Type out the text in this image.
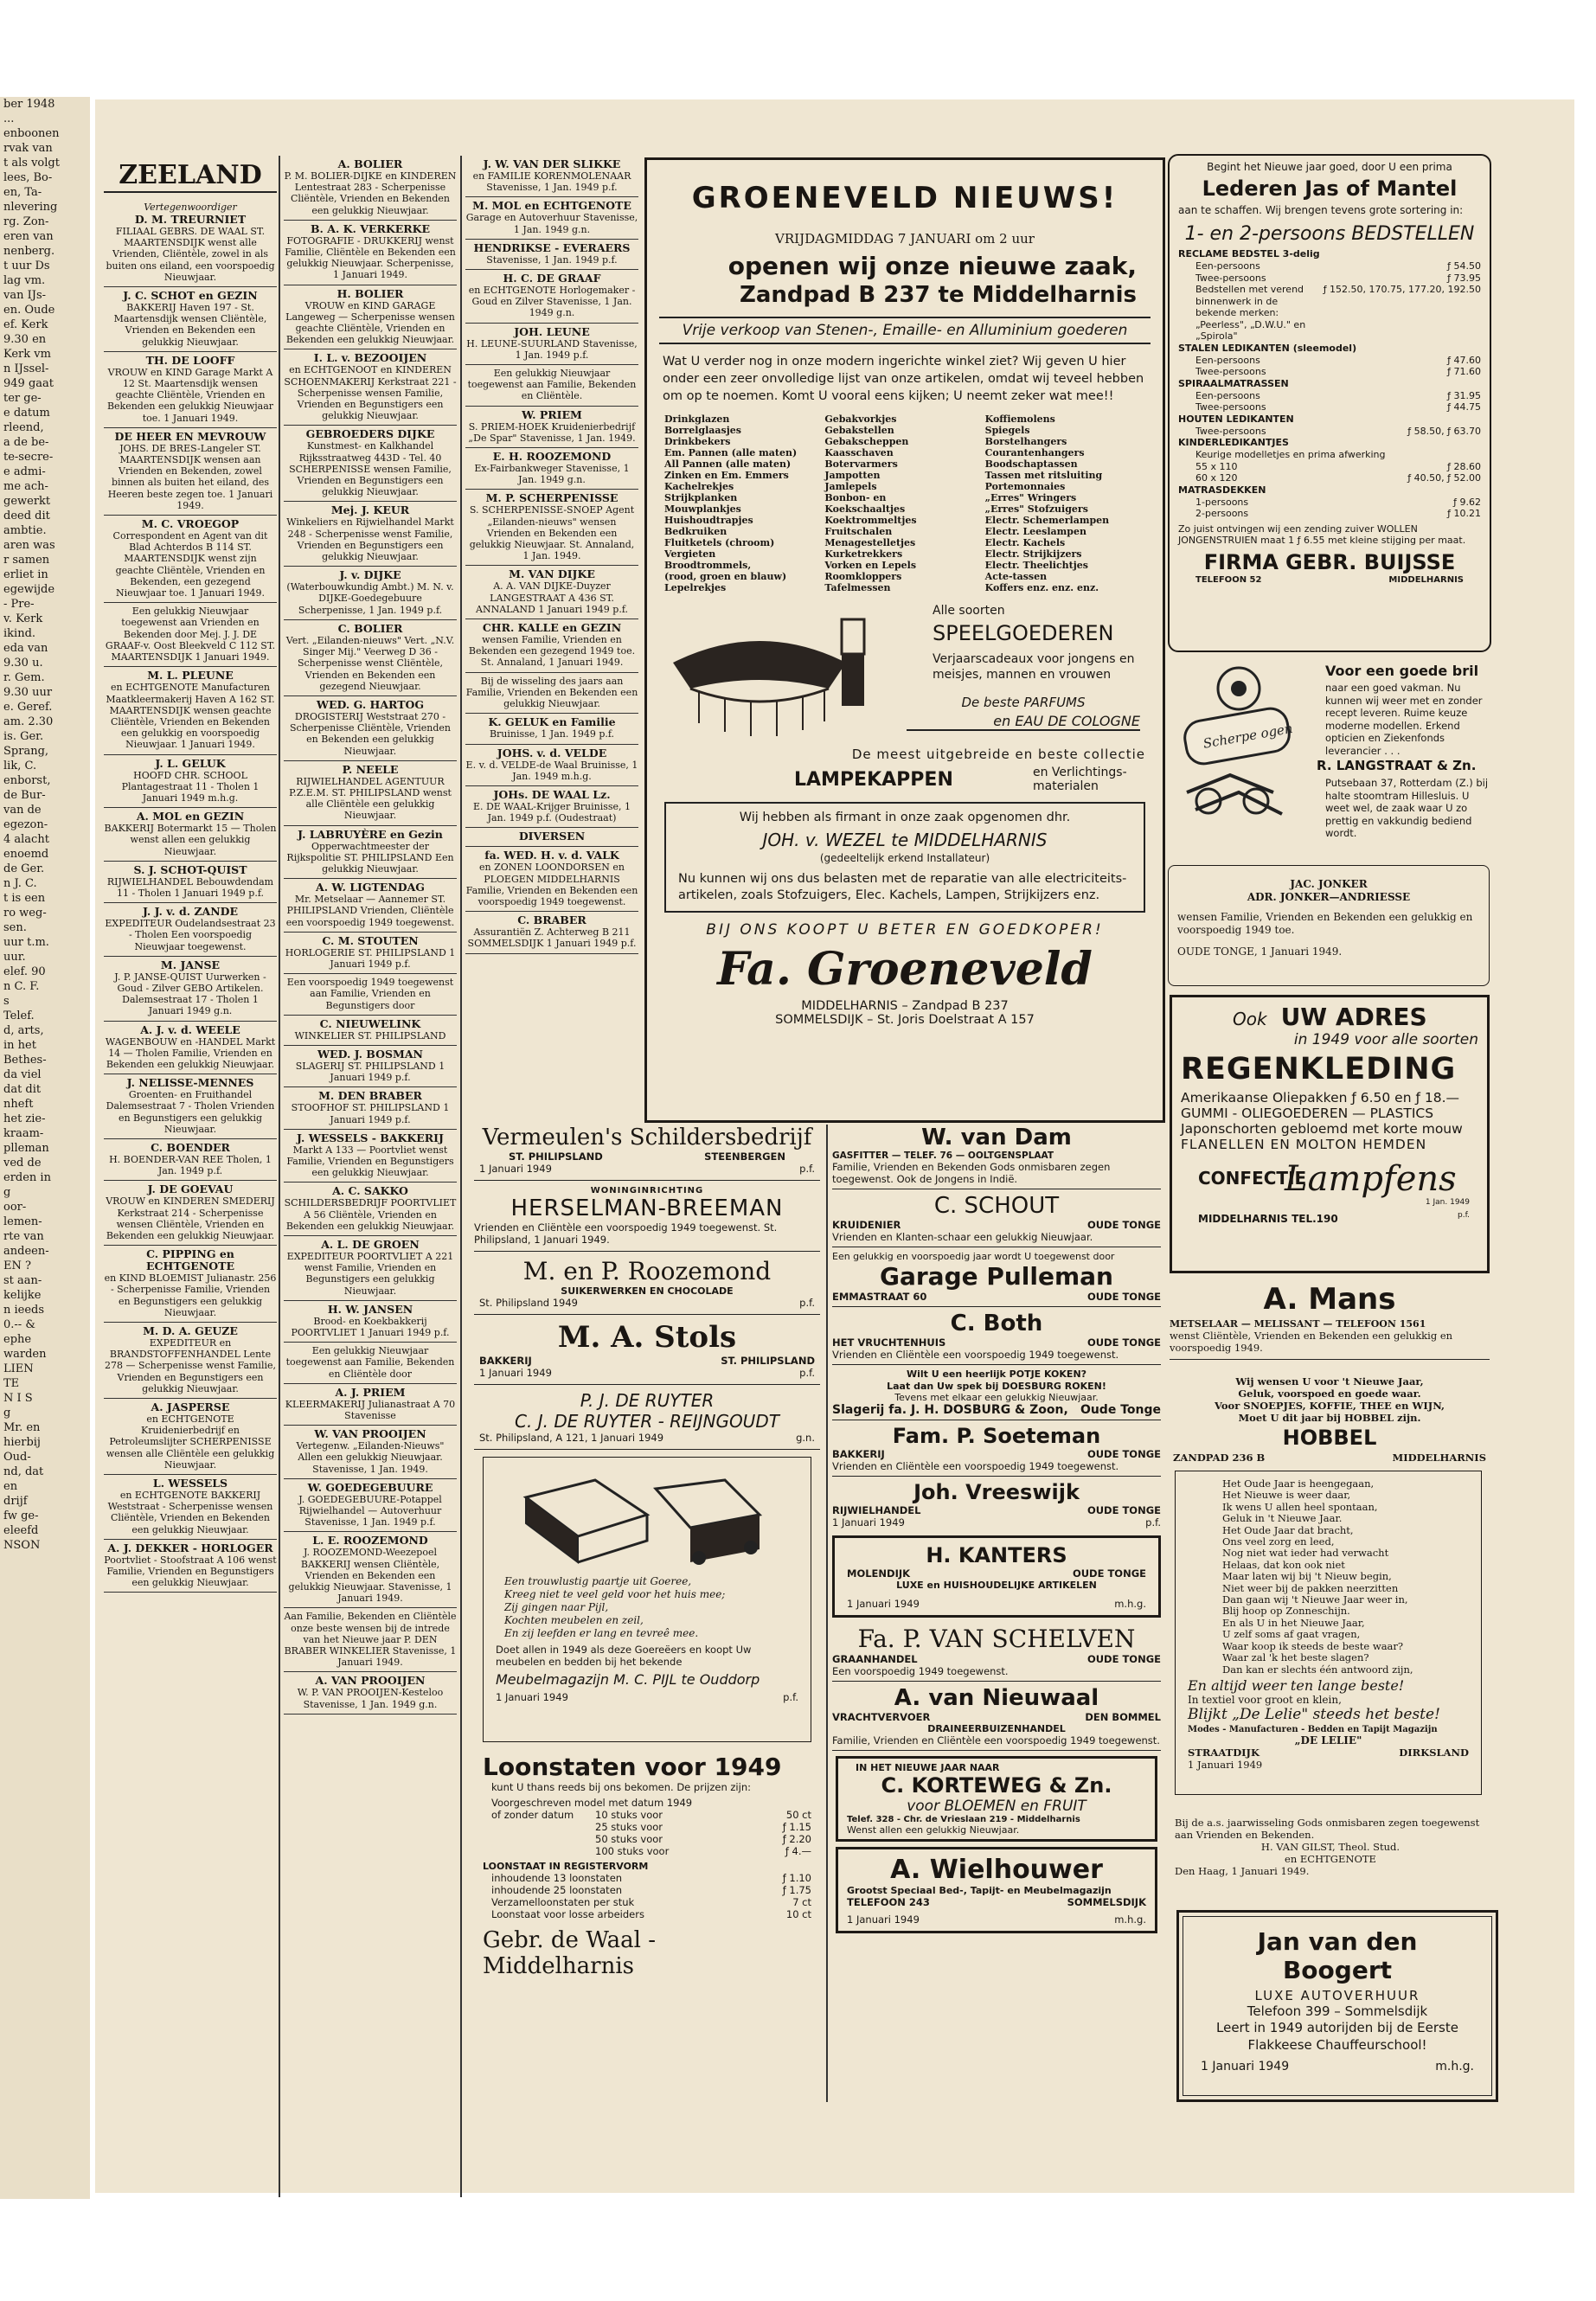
ber 1948
...
enboonen
rvak van
t als volgt
lees, Bo-
en, Ta-
nlevering
rg. Zon-
eren van
nenberg.
t uur Ds
lag vm.
van IJs-
en. Oude
ef. Kerk
9.30 en
Kerk vm
n IJssel-
949 gaat
ter ge-
e datum
rleend,
a de be-
te-secre-
e admi-
me ach-
gewerkt
deed dit
ambtie.
aren was
r samen
erliet in
egewijde
- Pre-
v. Kerk
ikind.
eda van
9.30 u.
r. Gem.
9.30 uur
e. Geref.
am. 2.30
is. Ger.
Sprang,
lik, C.
enborst,
de Bur-
van de
egezon-
4 alacht
enoemd
de Ger.
n J. C.
t is een
ro weg-
sen.
uur t.m.
uur.
elef. 90
n C. F.
s
Telef.
d, arts,
in het
Bethes-
da viel
dat dit
nheft
het zie-
kraam-
plleman
ved de
erden in
g
oor-
lemen-
rte van
andeen-
EN ?
st aan-
kelijke
n ieeds
0.-- &
ephe
warden
LIEN
TE
N I S
g
Mr. en
hierbij
Oud-
nd, dat
en
drijf
fw ge-
eleefd
NSON
ZEELAND
Vertegenwoordiger
D. M. TREURNIET
FILIAAL GEBRS. DE WAAL ST. MAARTENSDIJK wenst alle Vrienden, Cliëntèle, zowel in als buiten ons eiland, een voorspoedig Nieuwjaar.
J. C. SCHOT en GEZIN
BAKKERIJ Haven 197 - St. Maartensdijk wensen Cliëntèle, Vrienden en Bekenden een gelukkig Nieuwjaar.
TH. DE LOOFF
VROUW en KIND Garage Markt A 12 St. Maartensdijk wensen geachte Cliëntèle, Vrienden en Bekenden een gelukkig Nieuwjaar toe. 1 Januari 1949.
DE HEER EN MEVROUW
JOHS. DE BRES-Langeler ST. MAARTENSDIJK wensen aan Vrienden en Bekenden, zowel binnen als buiten het eiland, des Heeren beste zegen toe. 1 Januari 1949.
M. C. VROEGOP
Correspondent en Agent van dit Blad Achterdos B 114 ST. MAARTENSDIJK wenst zijn geachte Cliëntèle, Vrienden en Bekenden, een gezegend Nieuwjaar toe. 1 Januari 1949.
Een gelukkig Nieuwjaar toegewenst aan Vrienden en Bekenden door Mej. J. J. DE GRAAF-v. Oost Bleekveld C 112 ST. MAARTENSDIJK 1 Januari 1949.
M. L. PLEUNE
en ECHTGENOTE Manufacturen Maatkleermakerij Haven A 162 ST. MAARTENSDIJK wensen geachte Cliëntèle, Vrienden en Bekenden een gelukkig en voorspoedig Nieuwjaar. 1 Januari 1949.
J. L. GELUK
HOOFD CHR. SCHOOL Plantagestraat 11 - Tholen 1 Januari 1949 m.h.g.
A. MOL en GEZIN
BAKKERIJ Botermarkt 15 — Tholen wenst allen een gelukkig Nieuwjaar.
S. J. SCHOT-QUIST
RIJWIELHANDEL Bebouwdendam 11 - Tholen 1 Januari 1949 p.f.
J. J. v. d. ZANDE
EXPEDITEUR Oudelandsestraat 23 - Tholen Een voorspoedig Nieuwjaar toegewenst.
M. JANSE
J. P. JANSE-QUIST Uurwerken - Goud - Zilver GEBO Artikelen. Dalemsestraat 17 - Tholen 1 Januari 1949 g.n.
A. J. v. d. WEELE
WAGENBOUW en -HANDEL Markt 14 — Tholen Familie, Vrienden en Bekenden een gelukkig Nieuwjaar.
J. NELISSE-MENNES
Groenten- en Fruithandel Dalemsestraat 7 - Tholen Vrienden en Begunstigers een gelukkig Nieuwjaar.
C. BOENDER
H. BOENDER-VAN REE Tholen, 1 Jan. 1949 p.f.
J. DE GOEVAU
VROUW en KINDEREN SMEDERIJ Kerkstraat 214 - Scherpenisse wensen Cliëntèle, Vrienden en Bekenden een gelukkig Nieuwjaar.
C. PIPPING en ECHTGENOTE
en KIND BLOEMIST Julianastr. 256 - Scherpenisse Familie, Vrienden en Begunstigers een gelukkig Nieuwjaar.
M. D. A. GEUZE
EXPEDITEUR en BRANDSTOFFENHANDEL Lente 278 — Scherpenisse wenst Familie, Vrienden en Begunstigers een gelukkig Nieuwjaar.
A. JASPERSE
en ECHTGENOTE Kruidenierbedrijf en Petroleumslijter SCHERPENISSE wensen alle Cliëntèle een gelukkig Nieuwjaar.
L. WESSELS
en ECHTGENOTE BAKKERIJ Weststraat - Scherpenisse wensen Cliëntèle, Vrienden en Bekenden een gelukkig Nieuwjaar.
A. J. DEKKER - HORLOGER
Poortvliet - Stoofstraat A 106 wenst Familie, Vrienden en Begunstigers een gelukkig Nieuwjaar.
A. BOLIER
P. M. BOLIER-DIJKE en KINDEREN Lentestraat 283 - Scherpenisse Cliëntèle, Vrienden en Bekenden een gelukkig Nieuwjaar.
B. A. K. VERKERKE
FOTOGRAFIE - DRUKKERIJ wenst Familie, Cliëntèle en Bekenden een gelukkig Nieuwjaar. Scherpenisse, 1 Januari 1949.
H. BOLIER
VROUW en KIND GARAGE Langeweg — Scherpenisse wensen geachte Cliëntèle, Vrienden en Bekenden een gelukkig Nieuwjaar.
I. L. v. BEZOOIJEN
en ECHTGENOOT en KINDEREN SCHOENMAKERIJ Kerkstraat 221 - Scherpenisse wensen Familie, Vrienden en Begunstigers een gelukkig Nieuwjaar.
GEBROEDERS DIJKE
Kunstmest- en Kalkhandel Rijksstraatweg 443D - Tel. 40 SCHERPENISSE wensen Familie, Vrienden en Begunstigers een gelukkig Nieuwjaar.
Mej. J. KEUR
Winkeliers en Rijwielhandel Markt 248 - Scherpenisse wenst Familie, Vrienden en Begunstigers een gelukkig Nieuwjaar.
J. v. DIJKE
(Waterbouwkundig Ambt.) M. N. v. DIJKE-Goedegebuure Scherpenisse, 1 Jan. 1949 p.f.
C. BOLIER
Vert. „Eilanden-nieuws" Vert. „N.V. Singer Mij." Veerweg D 36 - Scherpenisse wenst Cliëntèle, Vrienden en Bekenden een gezegend Nieuwjaar.
WED. G. HARTOG
DROGISTERIJ Weststraat 270 - Scherpenisse Cliëntèle, Vrienden en Bekenden een gelukkig Nieuwjaar.
P. NEELE
RIJWIELHANDEL AGENTUUR P.Z.E.M. ST. PHILIPSLAND wenst alle Cliëntèle een gelukkig Nieuwjaar.
J. LABRUYÈRE en Gezin
Opperwachtmeester der Rijkspolitie ST. PHILIPSLAND Een gelukkig Nieuwjaar.
A. W. LIGTENDAG
Mr. Metselaar — Aannemer ST. PHILIPSLAND Vrienden, Cliëntèle een voorspoedig 1949 toegewenst.
C. M. STOUTEN
HORLOGERIE ST. PHILIPSLAND 1 Januari 1949 p.f.
Een voorspoedig 1949 toegewenst aan Familie, Vrienden en Begunstigers door
C. NIEUWELINK
WINKELIER ST. PHILIPSLAND
WED. J. BOSMAN
SLAGERIJ ST. PHILIPSLAND 1 Januari 1949 p.f.
M. DEN BRABER
STOOFHOF ST. PHILIPSLAND 1 Januari 1949 p.f.
J. WESSELS - BAKKERIJ
Markt A 133 — Poortvliet wenst Familie, Vrienden en Begunstigers een gelukkig Nieuwjaar.
A. C. SAKKO
SCHILDERSBEDRIJF POORTVLIET A 56 Cliëntèle, Vrienden en Bekenden een gelukkig Nieuwjaar.
A. L. DE GROEN
EXPEDITEUR POORTVLIET A 221 wenst Familie, Vrienden en Begunstigers een gelukkig Nieuwjaar.
H. W. JANSEN
Brood- en Koekbakkerij POORTVLIET 1 Januari 1949 p.f.
Een gelukkig Nieuwjaar toegewenst aan Familie, Bekenden en Cliëntèle door
A. J. PRIEM
KLEERMAKERIJ Julianastraat A 70 Stavenisse
W. VAN PROOIJEN
Vertegenw. „Eilanden-Nieuws" Allen een gelukkig Nieuwjaar. Stavenisse, 1 Jan. 1949.
W. GOEDEGEBUURE
J. GOEDEGEBUURE-Potappel Rijwielhandel — Autoverhuur Stavenisse, 1 Jan. 1949 p.f.
L. E. ROOZEMOND
J. ROOZEMOND-Weezepoel BAKKERIJ wensen Cliëntèle, Vrienden en Bekenden een gelukkig Nieuwjaar. Stavenisse, 1 Januari 1949.
Aan Familie, Bekenden en Cliëntèle onze beste wensen bij de intrede van het Nieuwe jaar P. DEN BRABER WINKELIER Stavenisse, 1 Januari 1949.
A. VAN PROOIJEN
W. P. VAN PROOIJEN-Kesteloo Stavenisse, 1 Jan. 1949 g.n.
J. W. VAN DER SLIKKE
en FAMILIE KORENMOLENAAR Stavenisse, 1 Jan. 1949 p.f.
M. MOL en ECHTGENOTE
Garage en Autoverhuur Stavenisse, 1 Jan. 1949 g.n.
HENDRIKSE - EVERAERS
Stavenisse, 1 Jan. 1949 p.f.
H. C. DE GRAAF
en ECHTGENOTE Horlogemaker - Goud en Zilver Stavenisse, 1 Jan. 1949 g.n.
JOH. LEUNE
H. LEUNE-SUURLAND Stavenisse, 1 Jan. 1949 p.f.
Een gelukkig Nieuwjaar toegewenst aan Familie, Bekenden en Cliëntèle.
W. PRIEM
S. PRIEM-HOEK Kruidenierbedrijf „De Spar" Stavenisse, 1 Jan. 1949.
E. H. ROOZEMOND
Ex-Fairbankweger Stavenisse, 1 Jan. 1949 g.n.
M. P. SCHERPENISSE
S. SCHERPENISSE-SNOEP Agent „Eilanden-nieuws" wensen Vrienden en Bekenden een gelukkig Nieuwjaar. St. Annaland, 1 Jan. 1949.
M. VAN DIJKE
A. A. VAN DIJKE-Duyzer LANGESTRAAT A 436 ST. ANNALAND 1 Januari 1949 p.f.
CHR. KALLE en GEZIN
wensen Familie, Vrienden en Bekenden een gezegend 1949 toe. St. Annaland, 1 Januari 1949.
Bij de wisseling des jaars aan Familie, Vrienden en Bekenden een gelukkig Nieuwjaar.
K. GELUK en Familie
Bruinisse, 1 Jan. 1949 p.f.
JOHS. v. d. VELDE
E. v. d. VELDE-de Waal Bruinisse, 1 Jan. 1949 m.h.g.
JOHs. DE WAAL Lz.
E. DE WAAL-Krijger Bruinisse, 1 Jan. 1949 p.f. (Oudestraat)
DIVERSEN
fa. WED. H. v. d. VALK
en ZONEN LOONDORSEN en PLOEGEN MIDDELHARNIS Familie, Vrienden en Bekenden een voorspoedig 1949 toegewenst.
C. BRABER
Assurantiën Z. Achterweg B 211 SOMMELSDIJK 1 Januari 1949 p.f.
GROENEVELD NIEUWS!
VRIJDAGMIDDAG 7 JANUARI om 2 uur
openen wij onze nieuwe zaak,
Zandpad B 237 te Middelharnis
Vrije verkoop van Stenen-, Emaille- en Alluminium goederen
Wat U verder nog in onze modern ingerichte winkel ziet? Wij geven U hier onder een zeer onvolledige lijst van onze artikelen, omdat wij teveel hebben om op te noemen. Komt U vooral eens kijken; U neemt zeker wat mee!!
Drinkglazen
Borrelglaasjes
Drinkbekers
Em. Pannen (alle maten)
All Pannen (alle maten)
Zinken en Em. Emmers
Kachelrekjes
Strijkplanken
Mouwplankjes
Huishoudtrapjes
Bedkruiken
Fluitketels (chroom)
Vergieten
Broodtrommels,
(rood, groen en blauw)
Lepelrekjes
Gebakvorkjes
Gebakstellen
Gebakscheppen
Kaasschaven
Botervarmers
Jampotten
Jamlepels
Bonbon- en
Koekschaaltjes
Koektrommeltjes
Fruitschalen
Menagestelletjes
Kurketrekkers
Vorken en Lepels
Roomkloppers
Tafelmessen
Koffiemolens
Spiegels
Borstelhangers
Courantenhangers
Boodschaptassen
Tassen met ritsluiting
Portemonnaies
„Erres" Wringers
„Erres" Stofzuigers
Electr. Schemerlampen
Electr. Leeslampen
Electr. Kachels
Electr. Strijkijzers
Electr. Theelichtjes
Acte-tassen
Koffers enz. enz. enz.
Alle soorten
SPEELGOEDEREN
Verjaarscadeaux voor jongens en meisjes, mannen en vrouwen
De beste PARFUMS
en EAU DE COLOGNE
De meest uitgebreide en beste collectie
LAMPEKAPPEN	en Verlichtings-materialen
Wij hebben als firmant in onze zaak opgenomen dhr.
JOH. v. WEZEL te MIDDELHARNIS
(gedeeltelijk erkend Installateur)
Nu kunnen wij ons dus belasten met de reparatie van alle electriciteits-artikelen, zoals Stofzuigers, Elec. Kachels, Lampen, Strijkijzers enz.
BIJ ONS KOOPT U BETER EN GOEDKOPER!
Fa. Groeneveld
MIDDELHARNIS – Zandpad B 237
SOMMELSDIJK – St. Joris Doelstraat A 157
Begint het Nieuwe jaar goed, door U een prima
Lederen Jas of Mantel
aan te schaffen. Wij brengen tevens grote sortering in:
1- en 2-persoons BEDSTELLEN
RECLAME BEDSTEL 3-delig
Een-persoons	ƒ 54.50
Twee-persoons	ƒ 73.95
Bedstellen met verend binnenwerk in de bekende merken: „Peerless", „D.W.U." en „Spirola"
ƒ 152.50, 170.75, 177.20, 192.50
STALEN LEDIKANTEN (sleemodel)
Een-persoons	ƒ 47.60
Twee-persoons	ƒ 71.60
SPIRAALMATRASSEN
Een-persoons	ƒ 31.95
Twee-persoons	ƒ 44.75
HOUTEN LEDIKANTEN
Twee-persoons	ƒ 58.50, ƒ 63.70
KINDERLEDIKANTJES
Keurige modelletjes en prima afwerking
55 x 110	ƒ 28.60
60 x 120	ƒ 40.50, ƒ 52.00
MATRASDEKKEN
1-persoons	ƒ 9.62
2-persoons	ƒ 10.21
Zo juist ontvingen wij een zending zuiver WOLLEN JONGENSTRUIEN maat 1 ƒ 6.55 met kleine stijging per maat.
FIRMA GEBR. BUIJSSE
TELEFOON 52	MIDDELHARNIS
Scherpe ogen
Voor een goede bril
naar een goed vakman. Nu kunnen wij weer met en zonder recept leveren. Ruime keuze moderne modellen. Erkend opticien en Ziekenfonds leverancier . . .
R. LANGSTRAAT & Zn.
Putsebaan 37, Rotterdam (Z.) bij halte stoomtram Hillesluis. U weet wel, de zaak waar U zo prettig en vakkundig bediend wordt.
JAC. JONKER
ADR. JONKER—ANDRIESSE
wensen Familie, Vrienden en Bekenden een gelukkig en voorspoedig 1949 toe.
OUDE TONGE, 1 Januari 1949.
Ook UW ADRES
in 1949 voor alle soorten
REGENKLEDING
Amerikaanse Oliepakken ƒ 6.50 en ƒ 18.—
GUMMI - OLIEGOEDEREN — PLASTICS
Japonschorten gebloemd met korte mouw
FLANELLEN EN MOLTON HEMDEN
CONFECTIE
Lampfens
MIDDELHARNIS TEL.190
1 Jan. 1949
p.f.
A. Mans
METSELAAR — MELISSANT — TELEFOON 1561
wenst Cliëntèle, Vrienden en Bekenden een gelukkig en voorspoedig 1949.
Wij wensen U voor 't Nieuwe Jaar,
Geluk, voorspoed en goede waar.
Voor SNOEPJES, KOFFIE, THEE en WIJN,
Moet U dit jaar bij HOBBEL zijn.
HOBBEL
ZANDPAD 236 B	MIDDELHARNIS
Het Oude Jaar is heengegaan,
Het Nieuwe is weer daar,
Ik wens U allen heel spontaan,
Geluk in 't Nieuwe Jaar.
Het Oude Jaar dat bracht,
Ons veel zorg en leed,
Nog niet wat ieder had verwacht
Helaas, dat kon ook niet
Maar laten wij bij 't Nieuw begin,
Niet weer bij de pakken neerzitten
Dan gaan wij 't Nieuwe Jaar weer in,
Blij hoop op Zonneschijn.
En als U in het Nieuwe Jaar,
U zelf soms af gaat vragen,
Waar koop ik steeds de beste waar?
Waar zal 'k het beste slagen?
Dan kan er slechts één antwoord zijn,
En altijd weer ten lange beste!
In textiel voor groot en klein,
Blijkt „De Lelie" steeds het beste!
Modes - Manufacturen - Bedden en Tapijt Magazijn
„DE LELIE"
STRAATDIJK	DIRKSLAND
1 Januari 1949
Bij de a.s. jaarwisseling Gods onmisbaren zegen toegewenst aan Vrienden en Bekenden.
H. VAN GILST, Theol. Stud.
en ECHTGENOTE
Den Haag, 1 Januari 1949.
Jan van den Boogert
LUXE AUTOVERHUUR
Telefoon 399 – Sommelsdijk
Leert in 1949 autorijden bij de Eerste Flakkeese Chauffeurschool!
1 Januari 1949	m.h.g.
Vermeulen's Schildersbedrijf
ST. PHILIPSLAND	STEENBERGEN
1 Januari 1949	p.f.
WONINGINRICHTING
HERSELMAN-BREEMAN
Vrienden en Cliëntèle een voorspoedig 1949 toegewenst. St. Philipsland, 1 Januari 1949.
M. en P. Roozemond
SUIKERWERKEN EN CHOCOLADE
St. Philipsland 1949	p.f.
M. A. Stols
BAKKERIJ	ST. PHILIPSLAND
1 Januari 1949	p.f.
P. J. DE RUYTER
C. J. DE RUYTER - REIJNGOUDT
St. Philipsland, A 121, 1 Januari 1949	g.n.
Een trouwlustig paartje uit Goeree,
Kreeg niet te veel geld voor het huis mee;
Zij gingen naar Pijl,
Kochten meubelen en zeil,
En zij leefden er lang en tevreê mee.
Doet allen in 1949 als deze Goereëers en koopt Uw meubelen en bedden bij het bekende
Meubelmagazijn M. C. PIJL te Ouddorp
1 Januari 1949	p.f.
Loonstaten voor 1949
kunt U thans reeds bij ons bekomen. De prijzen zijn:
Voorgeschreven model met datum 1949
of zonder datum	10 stuks voor	50 ct
25 stuks voor	ƒ 1.15
50 stuks voor	ƒ 2.20
100 stuks voor	ƒ 4.—
LOONSTAAT IN REGISTERVORM
inhoudende 13 loonstaten	ƒ 1.10
inhoudende 25 loonstaten	ƒ 1.75
Verzamelloonstaten per stuk	7 ct
Loonstaat voor losse arbeiders	10 ct
Gebr. de Waal - Middelharnis
W. van Dam
GASFITTER — TELEF. 76 — OOLTGENSPLAAT
Familie, Vrienden en Bekenden Gods onmisbaren zegen toegewenst. Ook de Jongens in Indië.
C. SCHOUT
KRUIDENIER	OUDE TONGE
Vrienden en Klanten-schaar een gelukkig Nieuwjaar.
Een gelukkig en voorspoedig jaar wordt U toegewenst door
Garage Pulleman
EMMASTRAAT 60	OUDE TONGE
C. Both
HET VRUCHTENHUIS	OUDE TONGE
Vrienden en Cliëntèle een voorspoedig 1949 toegewenst.
Wilt U een heerlijk POTJE KOKEN?
Laat dan Uw spek bij DOESBURG ROKEN!
Tevens met elkaar een gelukkig Nieuwjaar.
Slagerij fa. J. H. DOSBURG & Zoon, Oude Tonge
Fam. P. Soeteman
BAKKERIJ	OUDE TONGE
Vrienden en Cliëntèle een voorspoedig 1949 toegewenst.
Joh. Vreeswijk
RIJWIELHANDEL	OUDE TONGE
1 Januari 1949	p.f.
H. KANTERS
MOLENDIJK	OUDE TONGE
LUXE en HUISHOUDELIJKE ARTIKELEN
1 Januari 1949	m.h.g.
Fa. P. VAN SCHELVEN
GRAANHANDEL	OUDE TONGE
Een voorspoedig 1949 toegewenst.
A. van Nieuwaal
VRACHTVERVOER	DEN BOMMEL
DRAINEERBUIZENHANDEL
Familie, Vrienden en Cliëntèle een voorspoedig 1949 toegewenst.
IN HET NIEUWE JAAR NAAR
C. KORTEWEG & Zn.
voor BLOEMEN en FRUIT
Telef. 328 - Chr. de Vrieslaan 219 - Middelharnis
Wenst allen een gelukkig Nieuwjaar.
A. Wielhouwer
Grootst Speciaal Bed-, Tapijt- en Meubelmagazijn
TELEFOON 243	SOMMELSDIJK
1 Januari 1949	m.h.g.
